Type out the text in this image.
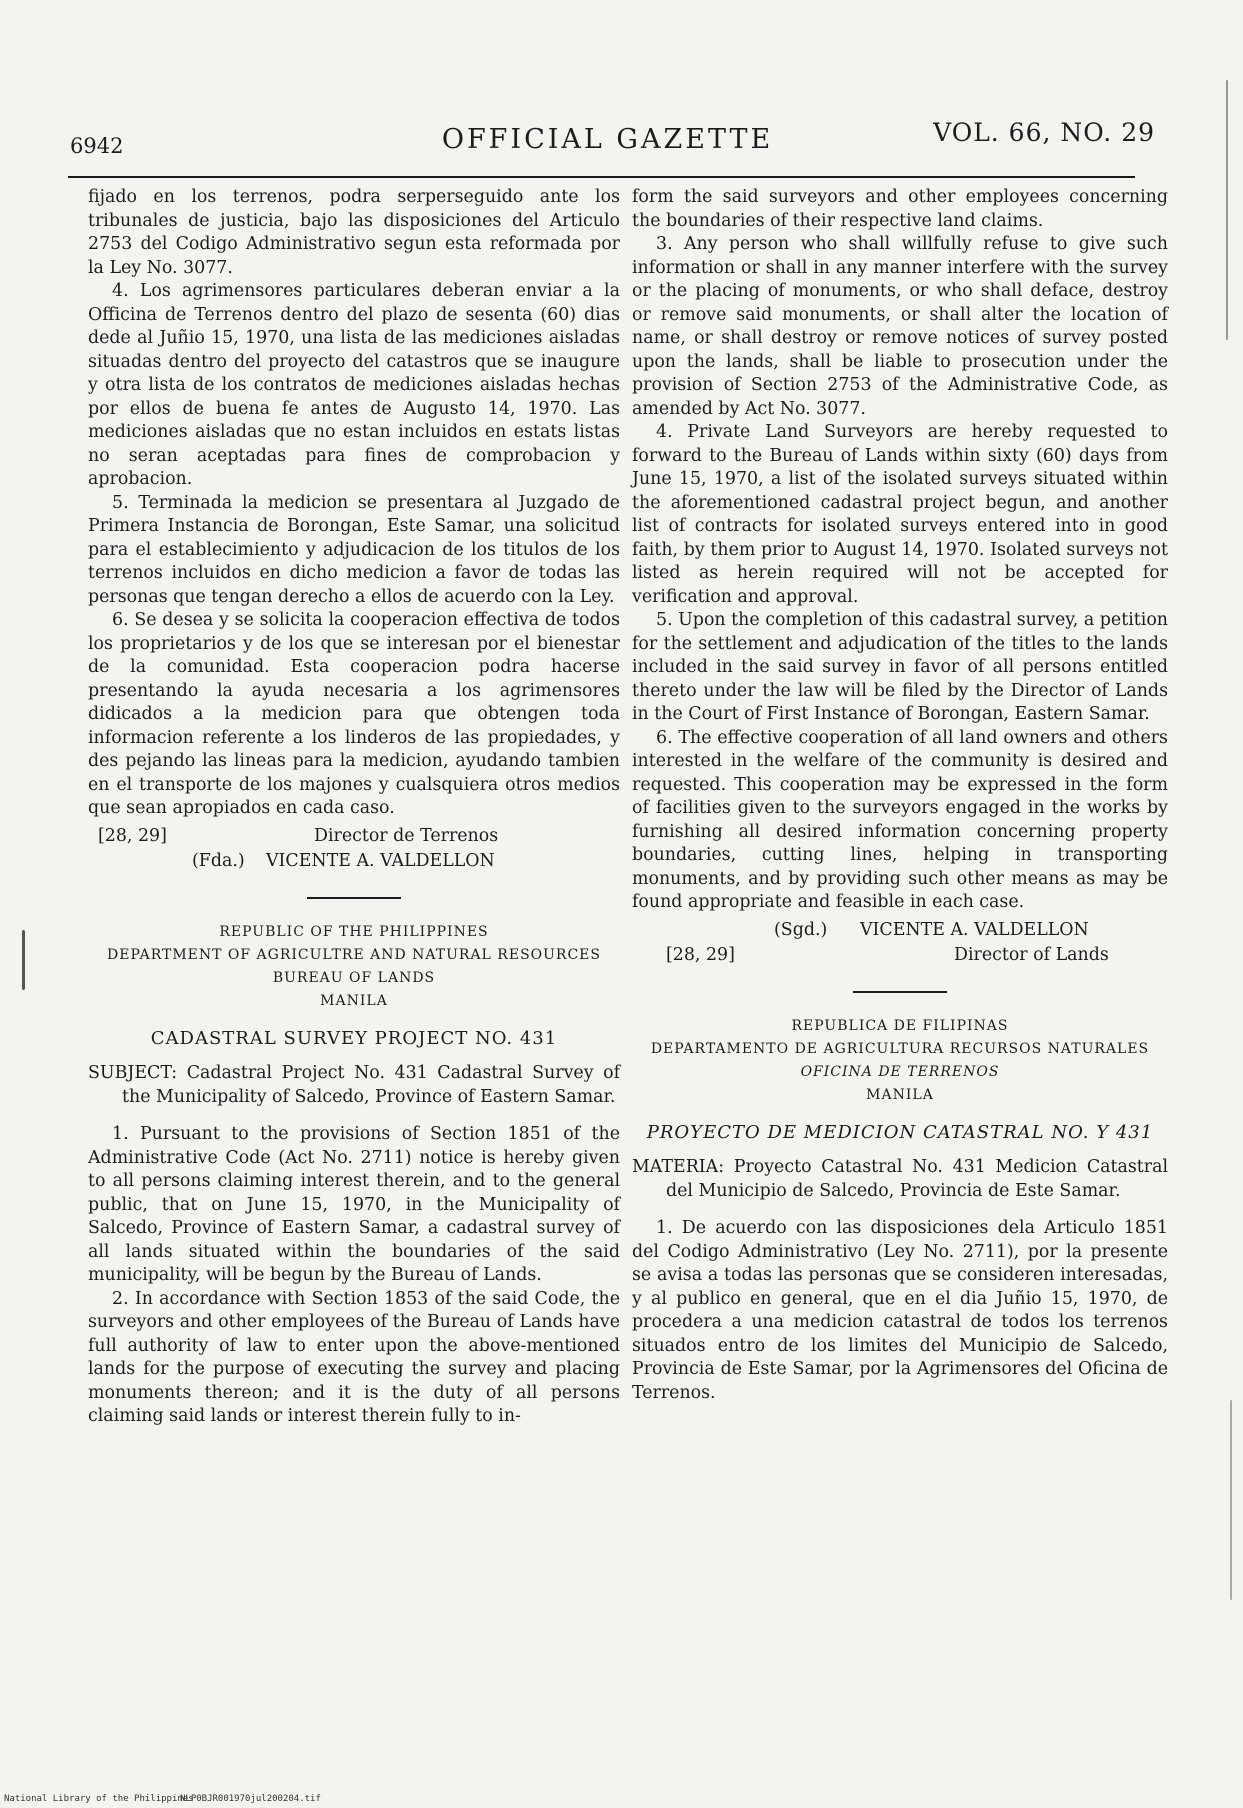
6942	OFFICIAL GAZETTE	VOL. 66, NO. 29

fijado en los terrenos, podra serperseguido ante los tribunales de justicia, bajo las disposiciones del Articulo 2753 del Codigo Administrativo segun esta reformada por la Ley No. 3077.

4. Los agrimensores particulares deberan enviar a la Officina de Terrenos dentro del plazo de sesenta (60) dias dede al Juñio 15, 1970, una lista de las mediciones aisladas situadas dentro del proyecto del catastros que se inaugure y otra lista de los contratos de mediciones aisladas hechas por ellos de buena fe antes de Augusto 14, 1970. Las mediciones aisladas que no estan incluidos en estats listas no seran aceptadas para fines de comprobacion y aprobacion.

5. Terminada la medicion se presentara al Juzgado de Primera Instancia de Borongan, Este Samar, una solicitud para el establecimiento y adjudicacion de los titulos de los terrenos incluidos en dicho medicion a favor de todas las personas que tengan derecho a ellos de acuerdo con la Ley.

6. Se desea y se solicita la cooperacion effectiva de todos los proprietarios y de los que se interesan por el bienestar de la comunidad. Esta cooperacion podra hacerse presentando la ayuda necesaria a los agrimensores didicados a la medicion para que obtengen toda informacion referente a los linderos de las propiedades, y des pejando las lineas para la medicion, ayudando tambien en el transporte de los majones y cualsquiera otros medios que sean apropiados en cada caso.

[28, 29]	Director de Terrenos
(Fda.) VICENTE A. VALDELLON
REPUBLIC OF THE PHILIPPINES
DEPARTMENT OF AGRICULTRE AND NATURAL RESOURCES
BUREAU OF LANDS
MANILA
CADASTRAL SURVEY PROJECT NO. 431

SUBJECT: Cadastral Project No. 431 Cadastral Survey of the Municipality of Salcedo, Province of Eastern Samar.

1. Pursuant to the provisions of Section 1851 of the Administrative Code (Act No. 2711) notice is hereby given to all persons claiming interest therein, and to the general public, that on June 15, 1970, in the Municipality of Salcedo, Province of Eastern Samar, a cadastral survey of all lands situated within the boundaries of the said municipality, will be begun by the Bureau of Lands.

2. In accordance with Section 1853 of the said Code, the surveyors and other employees of the Bureau of Lands have full authority of law to enter upon the above-mentioned lands for the purpose of executing the survey and placing monuments thereon; and it is the duty of all persons claiming said lands or interest therein fully to in-

form the said surveyors and other employees concerning the boundaries of their respective land claims.

3. Any person who shall willfully refuse to give such information or shall in any manner interfere with the survey or the placing of monuments, or who shall deface, destroy or remove said monuments, or shall alter the location of name, or shall destroy or remove notices of survey posted upon the lands, shall be liable to prosecution under the provision of Section 2753 of the Administrative Code, as amended by Act No. 3077.

4. Private Land Surveyors are hereby requested to forward to the Bureau of Lands within sixty (60) days from June 15, 1970, a list of the isolated surveys situated within the aforementioned cadastral project begun, and another list of contracts for isolated surveys entered into in good faith, by them prior to August 14, 1970. Isolated surveys not listed as herein required will not be accepted for verification and approval.

5. Upon the completion of this cadastral survey, a petition for the settlement and adjudication of the titles to the lands included in the said survey in favor of all persons entitled thereto under the law will be filed by the Director of Lands in the Court of First Instance of Borongan, Eastern Samar.

6. The effective cooperation of all land owners and others interested in the welfare of the community is desired and requested. This cooperation may be expressed in the form of facilities given to the surveyors engaged in the works by furnishing all desired information concerning property boundaries, cutting lines, helping in transporting monuments, and by providing such other means as may be found appropriate and feasible in each case.

(Sgd.) VICENTE A. VALDELLON
[28, 29]	Director of Lands
REPUBLICA DE FILIPINAS
DEPARTAMENTO DE AGRICULTURA RECURSOS NATURALES
OFICINA DE TERRENOS
MANILA
PROYECTO DE MEDICION CATASTRAL NO. Y 431

MATERIA: Proyecto Catastral No. 431 Medicion Catastral del Municipio de Salcedo, Provincia de Este Samar.

1. De acuerdo con las disposiciones dela Articulo 1851 del Codigo Administrativo (Ley No. 2711), por la presente se avisa a todas las personas que se consideren interesadas, y al publico en general, que en el dia Juñio 15, 1970, de procedera a una medicion catastral de todos los terrenos situados entro de los limites del Municipio de Salcedo, Provincia de Este Samar, por la Agrimensores del Oficina de Terrenos.

National Library of the Philippines
NLP0BJR001970jul200204.tif
